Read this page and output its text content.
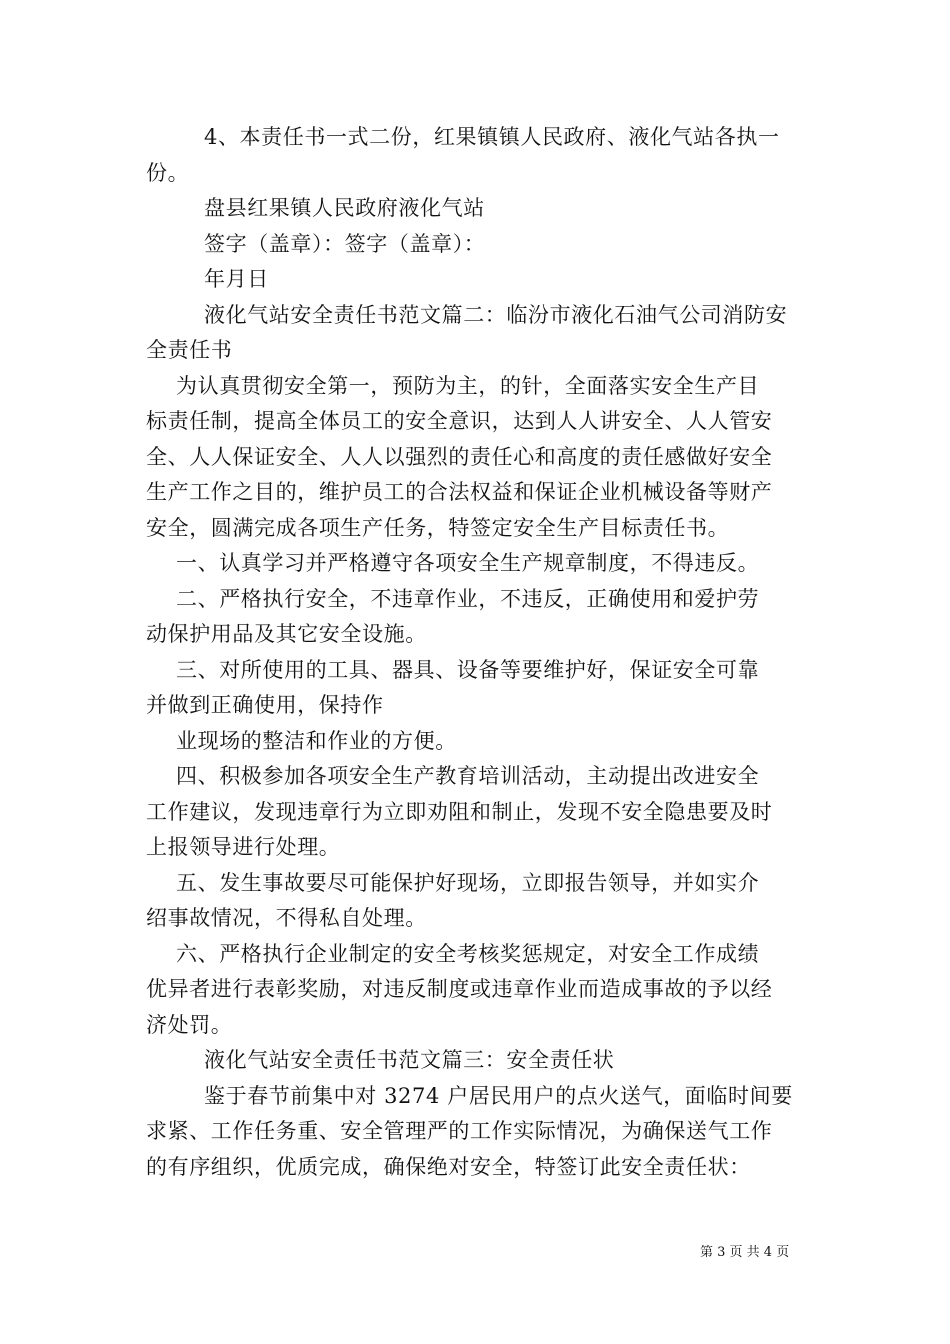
4、本责任书一式二份，红果镇镇人民政府、液化气站各执一
份。
盘县红果镇人民政府液化气站
签字（盖章）：签字（盖章）：
年月日
液化气站安全责任书范文篇二：临汾市液化石油气公司消防安
全责任书
为认真贯彻安全第一，预防为主，的针，全面落实安全生产目
标责任制，提高全体员工的安全意识，达到人人讲安全、人人管安
全、人人保证安全、人人以强烈的责任心和高度的责任感做好安全
生产工作之目的，维护员工的合法权益和保证企业机械设备等财产
安全，圆满完成各项生产任务，特签定安全生产目标责任书。
一、认真学习并严格遵守各项安全生产规章制度，不得违反。
二、严格执行安全，不违章作业，不违反，正确使用和爱护劳
动保护用品及其它安全设施。
三、对所使用的工具、器具、设备等要维护好，保证安全可靠
并做到正确使用，保持作
业现场的整洁和作业的方便。
四、积极参加各项安全生产教育培训活动，主动提出改进安全
工作建议，发现违章行为立即劝阻和制止，发现不安全隐患要及时
上报领导进行处理。
五、发生事故要尽可能保护好现场，立即报告领导，并如实介
绍事故情况，不得私自处理。
六、严格执行企业制定的安全考核奖惩规定，对安全工作成绩
优异者进行表彰奖励，对违反制度或违章作业而造成事故的予以经
济处罚。
液化气站安全责任书范文篇三：安全责任状
鉴于春节前集中对 3274 户居民用户的点火送气，面临时间要
求紧、工作任务重、安全管理严的工作实际情况，为确保送气工作
的有序组织，优质完成，确保绝对安全，特签订此安全责任状：
第 3 页 共 4 页
